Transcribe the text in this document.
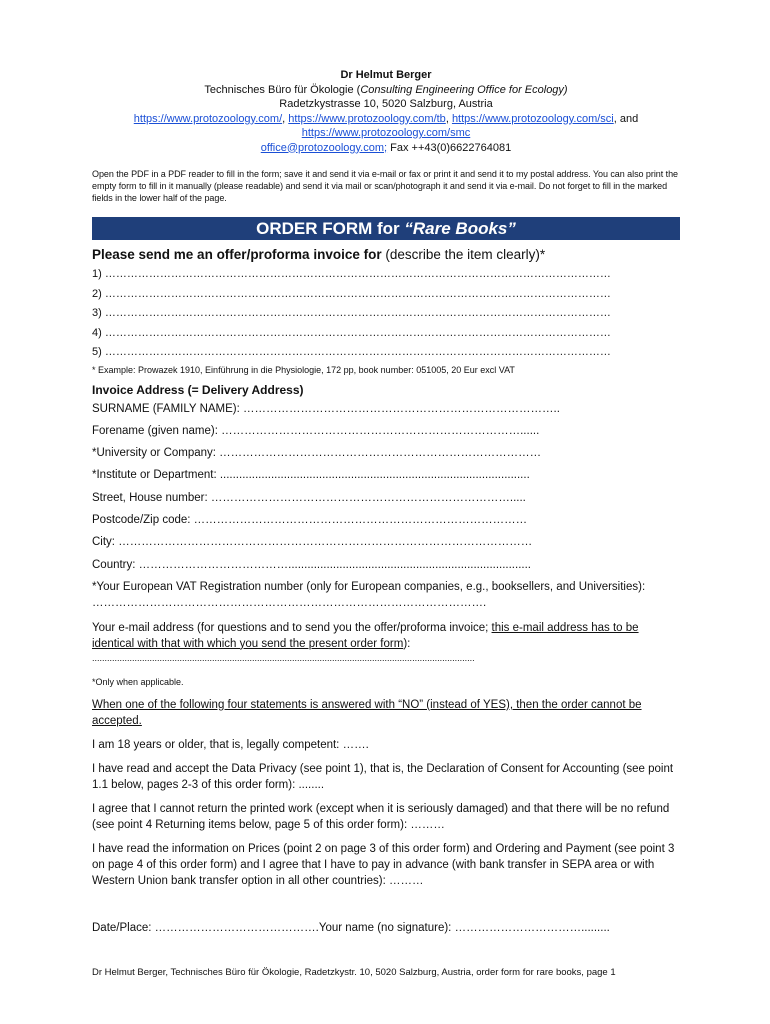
Dr Helmut Berger
Technisches Büro für Ökologie (Consulting Engineering Office for Ecology)
Radetzkystrasse 10, 5020 Salzburg, Austria
https://www.protozoology.com/, https://www.protozoology.com/tb, https://www.protozoology.com/sci, and
https://www.protozoology.com/smc
office@protozoology.com; Fax ++43(0)6622764081
Open the PDF in a PDF reader to fill in the form; save it and send it via e-mail or fax or print it and send it to my postal address. You can also print the empty form to fill in it manually (please readable) and send it via mail or scan/photograph it and send it via e-mail. Do not forget to fill in the marked fields in the lower half of the page.
ORDER FORM for “Rare Books”
Please send me an offer/proforma invoice for (describe the item clearly)*
1) …………………………………………………………………………………………………………………………
2) …………………………………………………………………………………………………………………………
3) …………………………………………………………………………………………………………………………
4) …………………………………………………………………………………………………………………………
5) …………………………………………………………………………………………………………………………
* Example: Prowazek 1910, Einführung in die Physiologie, 172 pp, book number: 051005, 20 Eur excl VAT
Invoice Address (= Delivery Address)
SURNAME (FAMILY NAME): ………………………………………………………………………..
Forename (given name): ……………………………………………………………………......
*University or Company: …………………………………………………………………………
*Institute or Department: .................................................................................................
Street, House number: …………………………………………………………………….....
Postcode/Zip code: ……………………………………………………………………………
City: ………………………………………………………………………………………………
Country: …………………………………............................................................................
*Your European VAT Registration number (only for European companies, e.g., booksellers, and Universities): ………………………………………………………………………………………….
Your e-mail address (for questions and to send you the offer/proforma invoice; this e-mail address has to be identical with that with which you send the present order form):
.........................................................................................................................................................
*Only when applicable.
When one of the following four statements is answered with “NO” (instead of YES), then the order cannot be accepted.
I am 18 years or older, that is, legally competent: …….
I have read and accept the Data Privacy (see point 1), that is, the Declaration of Consent for Accounting (see point 1.1 below, pages 2-3 of this order form): ........
I agree that I cannot return the printed work (except when it is seriously damaged) and that there will be no refund (see point 4 Returning items below, page 5 of this order form): ………
I have read the information on Prices (point 2 on page 3 of this order form) and Ordering and Payment (see point 3 on page 4 of this order form) and I agree that I have to pay in advance (with bank transfer in SEPA area or with Western Union bank transfer option in all other countries): ………
Date/Place: …………………………………….Your name (no signature): …………………………….........
Dr Helmut Berger, Technisches Büro für Ökologie, Radetzkystr. 10, 5020 Salzburg, Austria, order form for rare books, page 1
